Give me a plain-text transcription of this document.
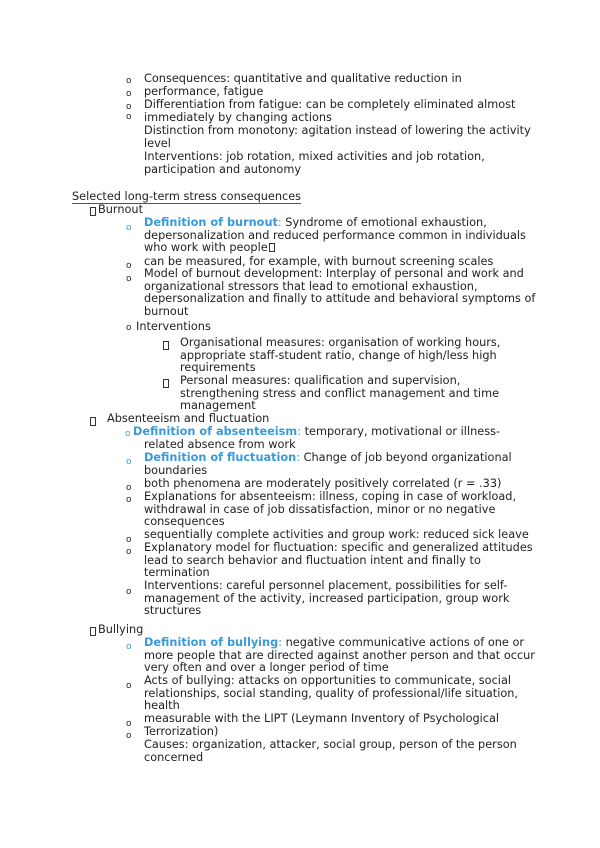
o
o
o
o
Consequences: quantitative and qualitative reduction in
performance, fatigue
Differentiation from fatigue: can be completely eliminated almost
immediately by changing actions
Distinction from monotony: agitation instead of lowering the activity
level
Interventions: job rotation, mixed activities and job rotation,
participation and autonomy
Selected long-term stress consequences
Burnout
o Definition of burnout: Syndrome of emotional exhaustion,
depersonalization and reduced performance common in individuals
who work with people
o can be measured, for example, with burnout screening scales
o Model of burnout development: Interplay of personal and work and
organizational stressors that lead to emotional exhaustion,
depersonalization and finally to attitude and behavioral symptoms of
burnout
o Interventions
Organisational measures: organisation of working hours,
appropriate staff-student ratio, change of high/less high
requirements
Personal measures: qualification and supervision,
strengthening stress and conflict management and time
management
Absenteeism and fluctuation
o Definition of absenteeism: temporary, motivational or illness-
related absence from work
o Definition of fluctuation: Change of job beyond organizational
boundaries
o both phenomena are moderately positively correlated (r = .33)
o Explanations for absenteeism: illness, coping in case of workload,
withdrawal in case of job dissatisfaction, minor or no negative
consequences
o sequentially complete activities and group work: reduced sick leave
o Explanatory model for fluctuation: specific and generalized attitudes
lead to search behavior and fluctuation intent and finally to
termination
o Interventions: careful personnel placement, possibilities for self-
management of the activity, increased participation, group work
structures
Bullying
o Definition of bullying: negative communicative actions of one or
more people that are directed against another person and that occur
very often and over a longer period of time
o Acts of bullying: attacks on opportunities to communicate, social
relationships, social standing, quality of professional/life situation,
health
o measurable with the LIPT (Leymann Inventory of Psychological
Terrorization)
o
Causes: organization, attacker, social group, person of the person
concerned
